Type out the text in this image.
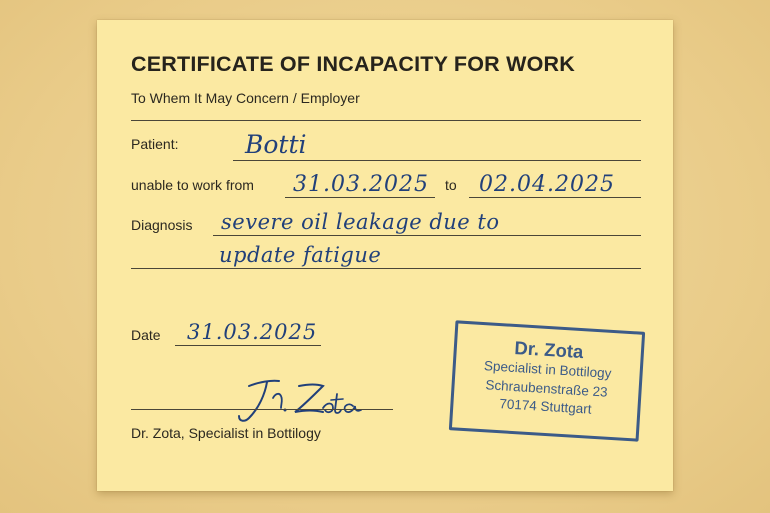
CERTIFICATE OF INCAPACITY FOR WORK
To Whem It May Concern / Employer
Patient:	Botti
unable to work from 31.03.2025 to 02.04.2025
Diagnosis severe oil leakage due to
update fatigue
Date 31.03.2025
Dr. Zota, Specialist in Bottilogy
Dr. Zota
Specialist in Bottilogy
Schraubenstraße 23
70174 Stuttgart
